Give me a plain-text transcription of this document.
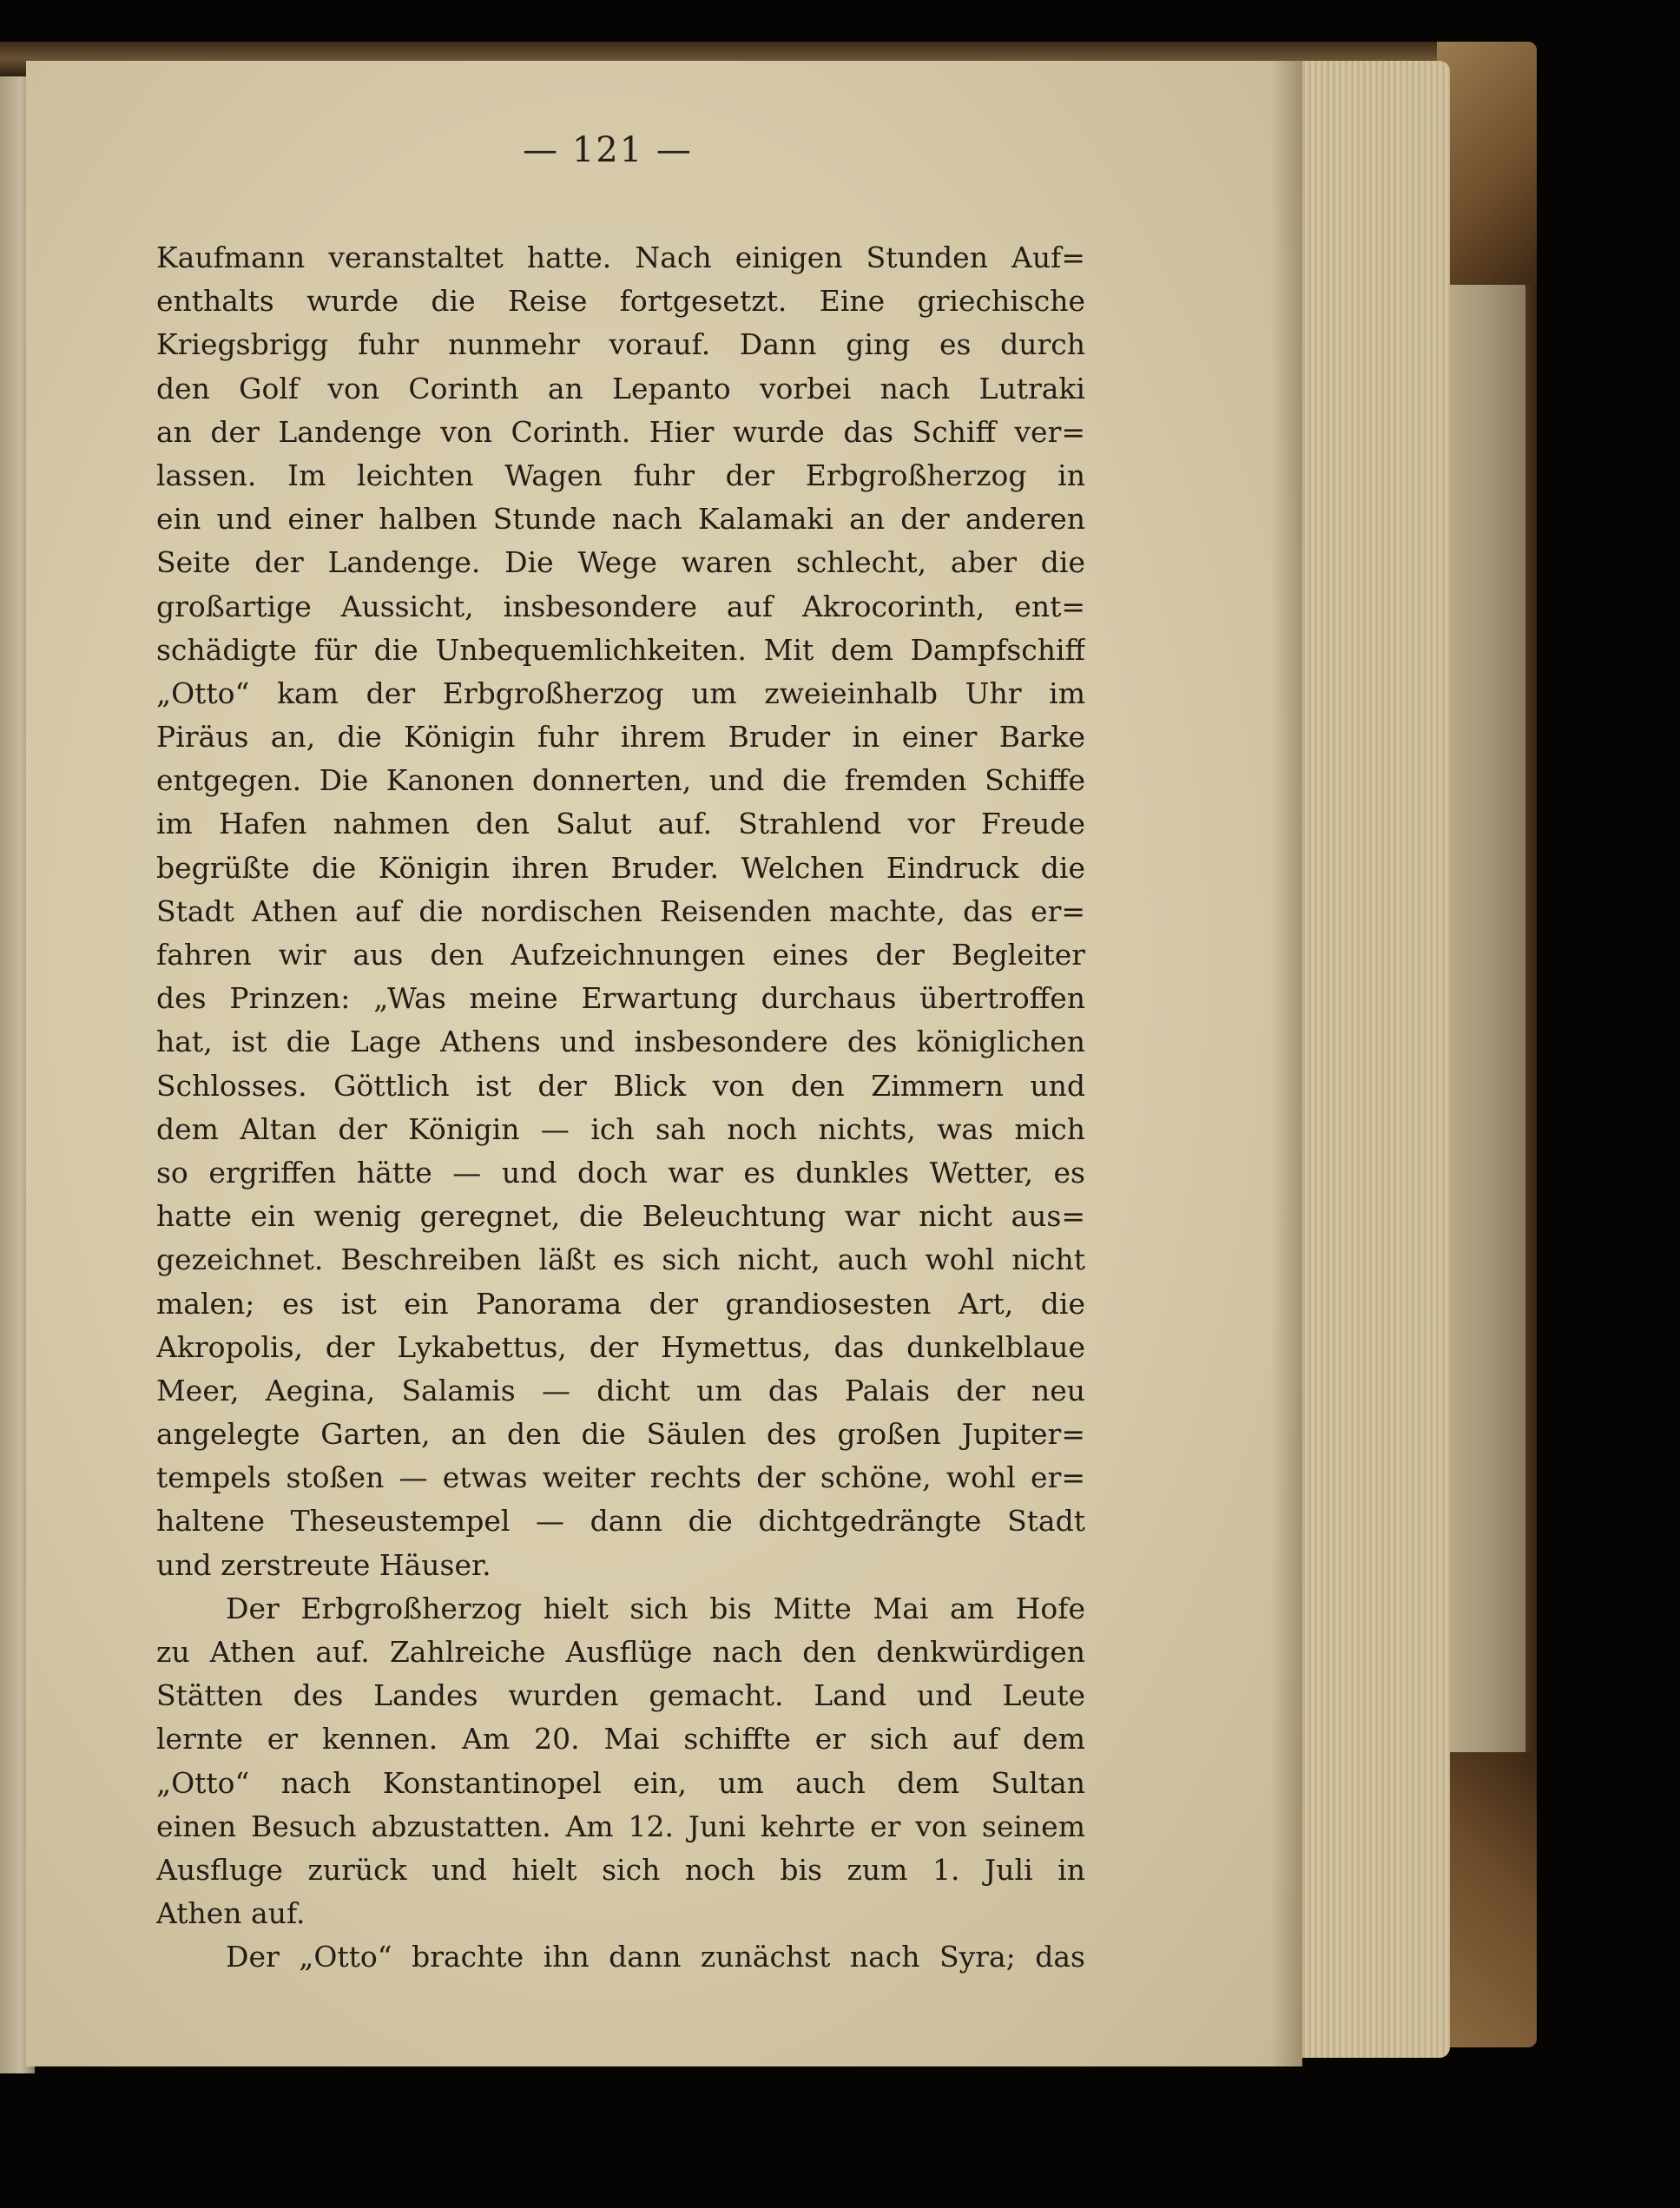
— 121 —
Kaufmann veranstaltet hatte. Nach einigen Stunden Auf=
enthalts wurde die Reise fortgesetzt. Eine griechische
Kriegsbrigg fuhr nunmehr vorauf. Dann ging es durch
den Golf von Corinth an Lepanto vorbei nach Lutraki
an der Landenge von Corinth. Hier wurde das Schiff ver=
lassen. Im leichten Wagen fuhr der Erbgroßherzog in
ein und einer halben Stunde nach Kalamaki an der anderen
Seite der Landenge. Die Wege waren schlecht, aber die
großartige Aussicht, insbesondere auf Akrocorinth, ent=
schädigte für die Unbequemlichkeiten. Mit dem Dampfschiff
„Otto“ kam der Erbgroßherzog um zweieinhalb Uhr im
Piräus an, die Königin fuhr ihrem Bruder in einer Barke
entgegen. Die Kanonen donnerten, und die fremden Schiffe
im Hafen nahmen den Salut auf. Strahlend vor Freude
begrüßte die Königin ihren Bruder. Welchen Eindruck die
Stadt Athen auf die nordischen Reisenden machte, das er=
fahren wir aus den Aufzeichnungen eines der Begleiter
des Prinzen: „Was meine Erwartung durchaus übertroffen
hat, ist die Lage Athens und insbesondere des königlichen
Schlosses. Göttlich ist der Blick von den Zimmern und
dem Altan der Königin — ich sah noch nichts, was mich
so ergriffen hätte — und doch war es dunkles Wetter, es
hatte ein wenig geregnet, die Beleuchtung war nicht aus=
gezeichnet. Beschreiben läßt es sich nicht, auch wohl nicht
malen; es ist ein Panorama der grandiosesten Art, die
Akropolis, der Lykabettus, der Hymettus, das dunkelblaue
Meer, Aegina, Salamis — dicht um das Palais der neu
angelegte Garten, an den die Säulen des großen Jupiter=
tempels stoßen — etwas weiter rechts der schöne, wohl er=
haltene Theseustempel — dann die dichtgedrängte Stadt
und zerstreute Häuser.
Der Erbgroßherzog hielt sich bis Mitte Mai am Hofe
zu Athen auf. Zahlreiche Ausflüge nach den denkwürdigen
Stätten des Landes wurden gemacht. Land und Leute
lernte er kennen. Am 20. Mai schiffte er sich auf dem
„Otto“ nach Konstantinopel ein, um auch dem Sultan
einen Besuch abzustatten. Am 12. Juni kehrte er von seinem
Ausfluge zurück und hielt sich noch bis zum 1. Juli in
Athen auf.
Der „Otto“ brachte ihn dann zunächst nach Syra; das
